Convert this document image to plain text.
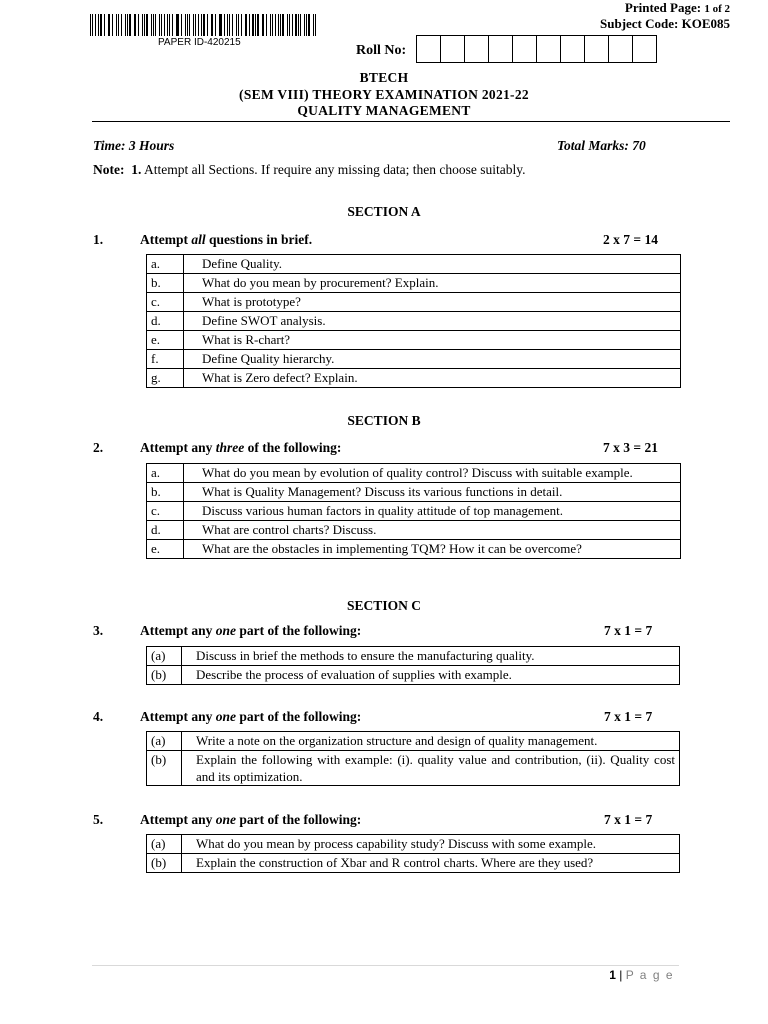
PAPER ID-420215
Printed Page: 1 of 2
Subject Code: KOE085
Roll No:
BTECH
(SEM VIII) THEORY EXAMINATION 2021-22
QUALITY MANAGEMENT
Time: 3 Hours	Total Marks: 70
Note: 1. Attempt all Sections. If require any missing data; then choose suitably.
SECTION A
1.	Attempt all questions in brief.	2 x 7 = 14
a.	Define Quality.
b.	What do you mean by procurement? Explain.
c.	What is prototype?
d.	Define SWOT analysis.
e.	What is R-chart?
f.	Define Quality hierarchy.
g.	What is Zero defect? Explain.
SECTION B
2.	Attempt any three of the following:	7 x 3 = 21
a.	What do you mean by evolution of quality control? Discuss with suitable example.
b.	What is Quality Management? Discuss its various functions in detail.
c.	Discuss various human factors in quality attitude of top management.
d.	What are control charts? Discuss.
e.	What are the obstacles in implementing TQM? How it can be overcome?
SECTION C
3.	Attempt any one part of the following:	7 x 1 = 7
(a)	Discuss in brief the methods to ensure the manufacturing quality.
(b)	Describe the process of evaluation of supplies with example.
4.	Attempt any one part of the following:	7 x 1 = 7
(a)	Write a note on the organization structure and design of quality management.
(b)	Explain the following with example: (i). quality value and contribution, (ii). Quality cost and its optimization.
5.	Attempt any one part of the following:	7 x 1 = 7
(a)	What do you mean by process capability study? Discuss with some example.
(b)	Explain the construction of Xbar and R control charts. Where are they used?
1 | P a g e
